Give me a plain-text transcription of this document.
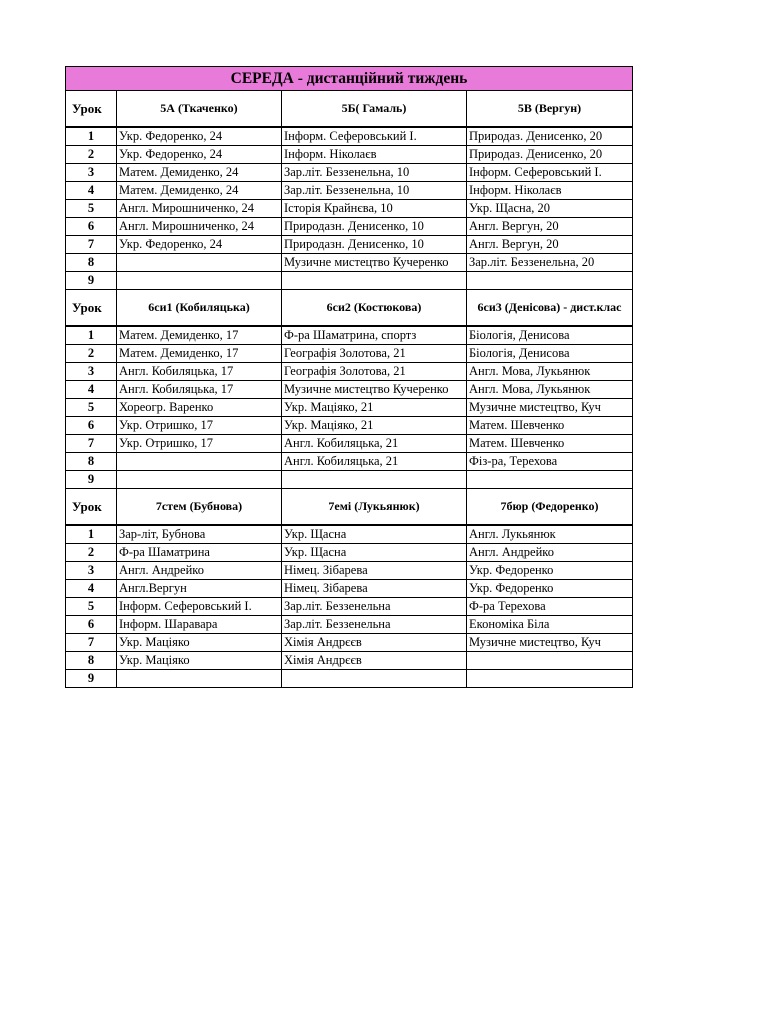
СЕРЕДА - дистанційний тиждень			
Урок	5А (Ткаченко)	5Б( Гамаль)	5В (Вергун)
1	Укр. Федоренко, 24	Інформ. Сеферовський І.	Природаз. Денисенко, 20
2	Укр. Федоренко, 24	Інформ. Ніколаєв	Природаз. Денисенко, 20
3	Матем. Демиденко, 24	Зар.літ. Беззенельна, 10	Інформ. Сеферовський І.
4	Матем. Демиденко, 24	Зар.літ. Беззенельна, 10	Інформ. Ніколаєв
5	Англ. Мирошниченко, 24	Історія Крайнєва, 10	Укр. Щасна, 20
6	Англ. Мирошниченко, 24	Природазн. Денисенко, 10	Англ. Вергун, 20
7	Укр. Федоренко, 24	Природазн. Денисенко, 10	Англ. Вергун, 20
8		Музичне мистецтво Кучеренко	Зар.літ. Беззенельна, 20
9			
Урок	6си1 (Кобиляцька)	6си2 (Костюкова)	6си3 (Денісова) - дист.клас
1	Матем. Демиденко, 17	Ф-ра Шаматрина, спортз	Біологія, Денисова
2	Матем. Демиденко, 17	Географія Золотова, 21	Біологія, Денисова
3	Англ. Кобиляцька, 17	Географія Золотова, 21	Англ. Мова, Лукьянюк
4	Англ. Кобиляцька, 17	Музичне мистецтво Кучеренко	Англ. Мова, Лукьянюк
5	Хореогр. Варенко	Укр. Мацiяко, 21	Музичне мистецтво, Куч
6	Укр. Отришко, 17	Укр. Мацiяко, 21	Матем. Шевченко
7	Укр. Отришко, 17	Англ. Кобиляцька, 21	Матем. Шевченко
8		Англ. Кобиляцька, 21	Фіз-ра, Терехова
9			
Урок	7стем (Бубнова)	7емі (Лукьянюк)	7бюр (Федоренко)
1	Зар-літ, Бубнова	Укр. Щасна	Англ. Лукьянюк
2	Ф-ра Шаматрина	Укр. Щасна	Англ. Андрейко
3	Англ. Андрейко	Нiмец. Зiбарева	Укр. Федоренко
4	Англ.Вергун	Нiмец. Зiбарева	Укр. Федоренко
5	Інформ. Сеферовський І.	Зар.літ. Беззенельна	Ф-ра Терехова
6	Інформ. Шаравара	Зар.літ. Беззенельна	Економіка Біла
7	Укр. Мацiяко	Хімія Андрєєв	Музичне мистецтво, Куч
8	Укр. Мацiяко	Хімія Андрєєв	
9			
